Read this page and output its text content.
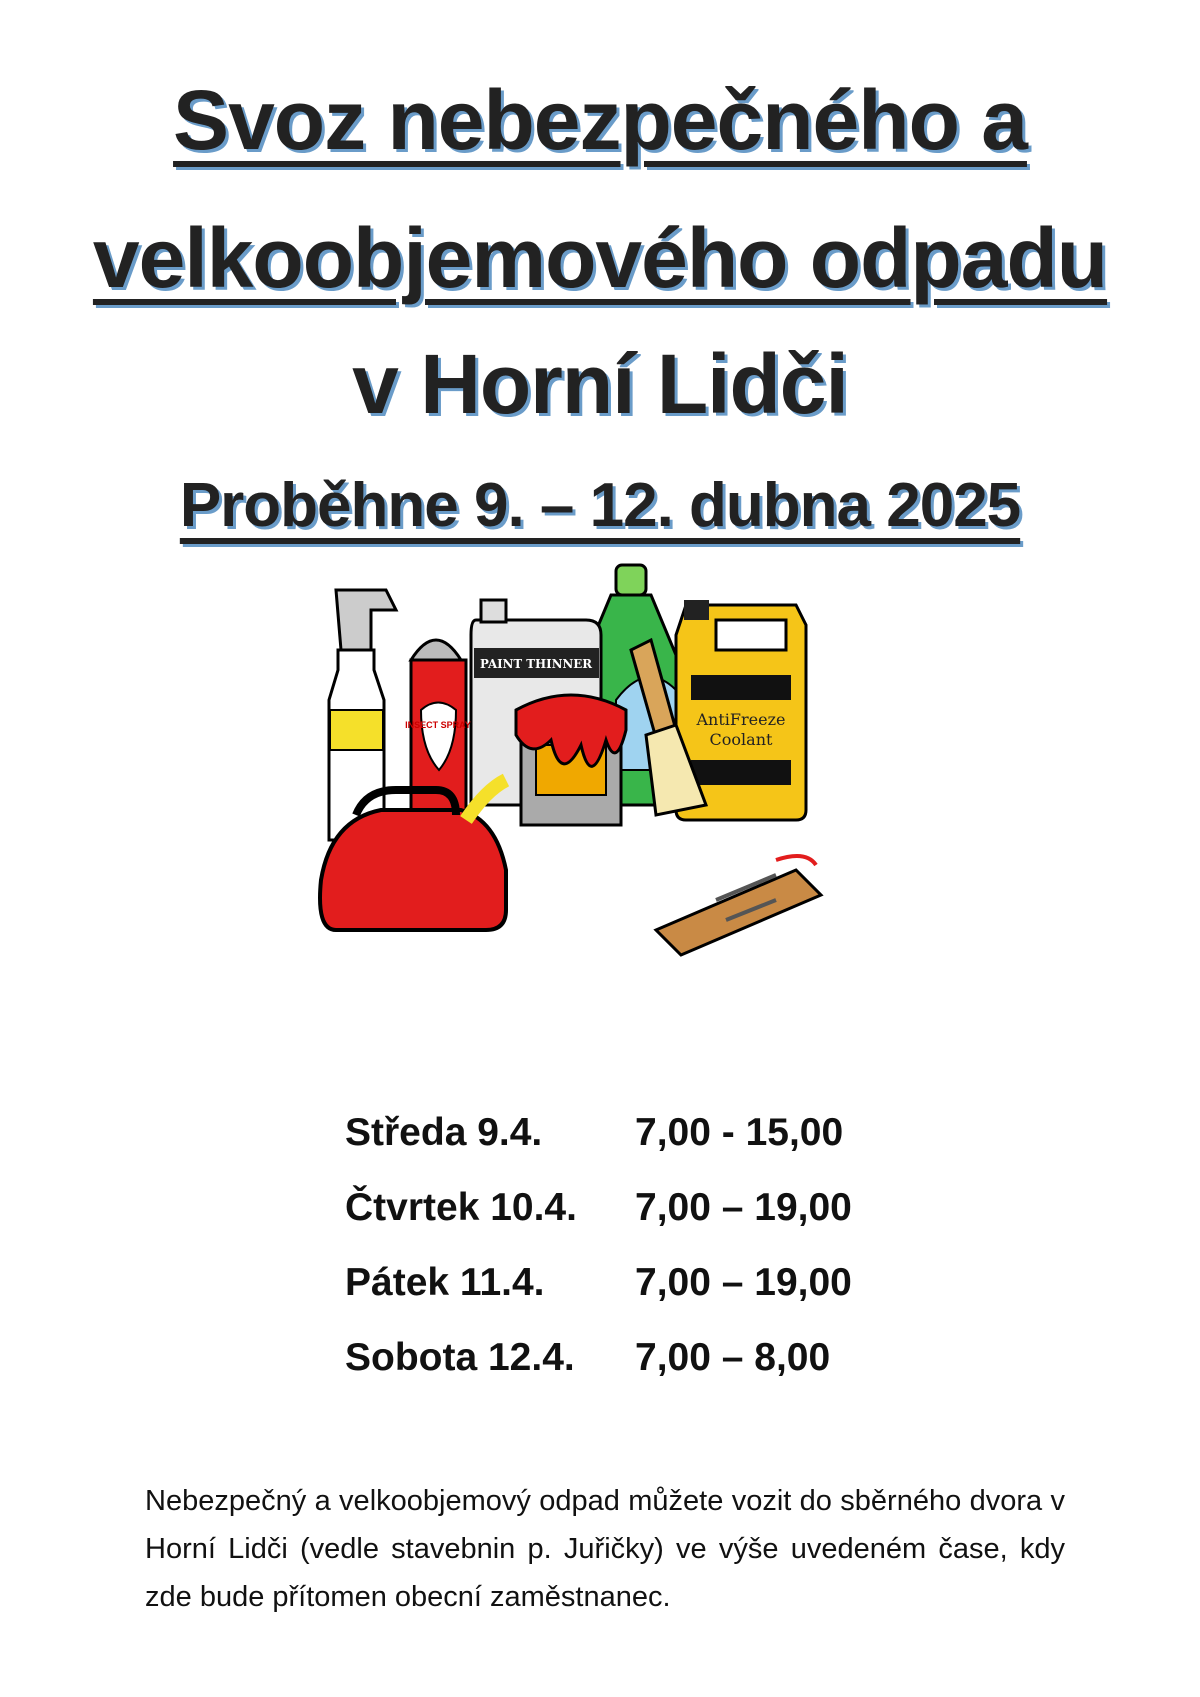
Svoz nebezpečného a
velkoobjemového odpadu
v Horní Lidči
Proběhne 9. – 12. dubna 2025
PAINT THINNER
AntiFreeze
Coolant
INSECT SPRAY
Středa 9.4.	7,00 - 15,00
Čtvrtek 10.4.	7,00 – 19,00
Pátek 11.4.	7,00 – 19,00
Sobota 12.4.	7,00 – 8,00

Nebezpečný a velkoobjemový odpad můžete vozit do sběrného dvora v Horní Lidči (vedle stavebnin p. Juřičky) ve výše uvedeném čase, kdy zde bude přítomen obecní zaměstnanec.
